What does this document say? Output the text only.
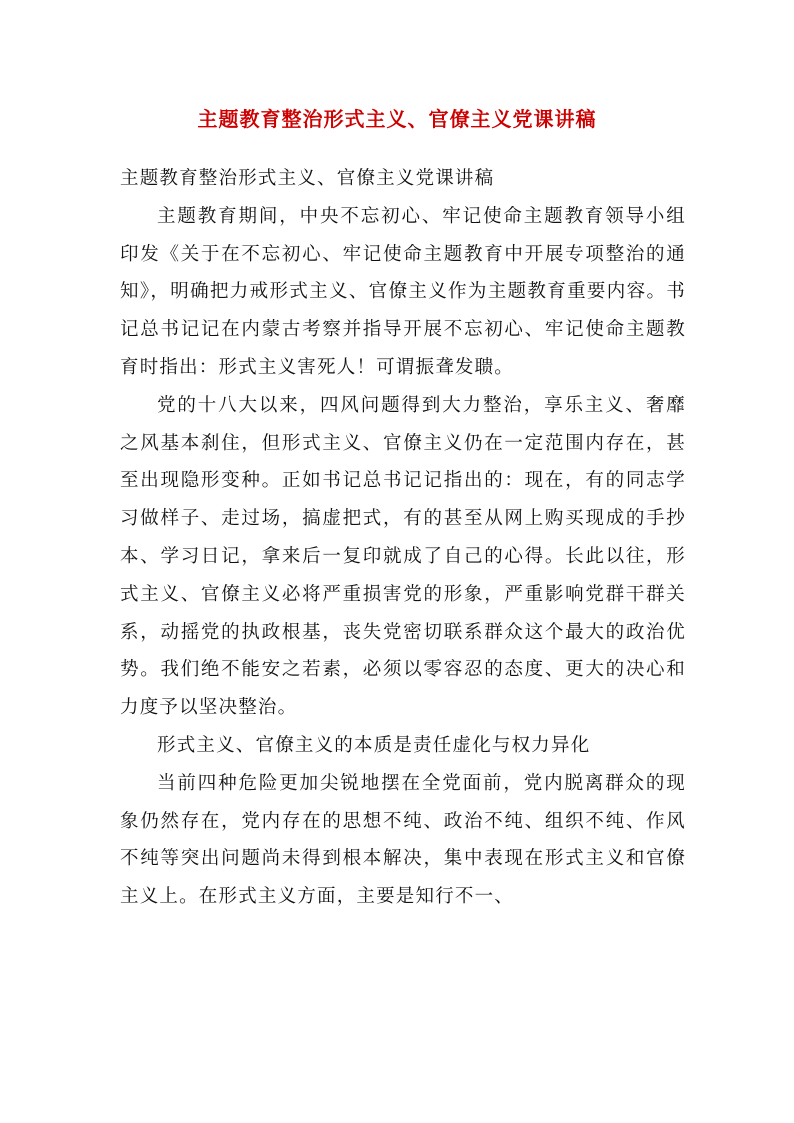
主题教育整治形式主义、官僚主义党课讲稿

主题教育整治形式主义、官僚主义党课讲稿

主题教育期间，中央不忘初心、牢记使命主题教育领导小组印发《关于在不忘初心、牢记使命主题教育中开展专项整治的通知》，明确把力戒形式主义、官僚主义作为主题教育重要内容。书记总书记记在内蒙古考察并指导开展不忘初心、牢记使命主题教育时指出：形式主义害死人！可谓振聋发聩。

党的十八大以来，四风问题得到大力整治，享乐主义、奢靡之风基本刹住，但形式主义、官僚主义仍在一定范围内存在，甚至出现隐形变种。正如书记总书记记指出的：现在，有的同志学习做样子、走过场，搞虚把式，有的甚至从网上购买现成的手抄本、学习日记，拿来后一复印就成了自己的心得。长此以往，形式主义、官僚主义必将严重损害党的形象，严重影响党群干群关系，动摇党的执政根基，丧失党密切联系群众这个最大的政治优势。我们绝不能安之若素，必须以零容忍的态度、更大的决心和力度予以坚决整治。

形式主义、官僚主义的本质是责任虚化与权力异化

当前四种危险更加尖锐地摆在全党面前，党内脱离群众的现象仍然存在，党内存在的思想不纯、政治不纯、组织不纯、作风不纯等突出问题尚未得到根本解决，集中表现在形式主义和官僚主义上。在形式主义方面，主要是知行不一、
